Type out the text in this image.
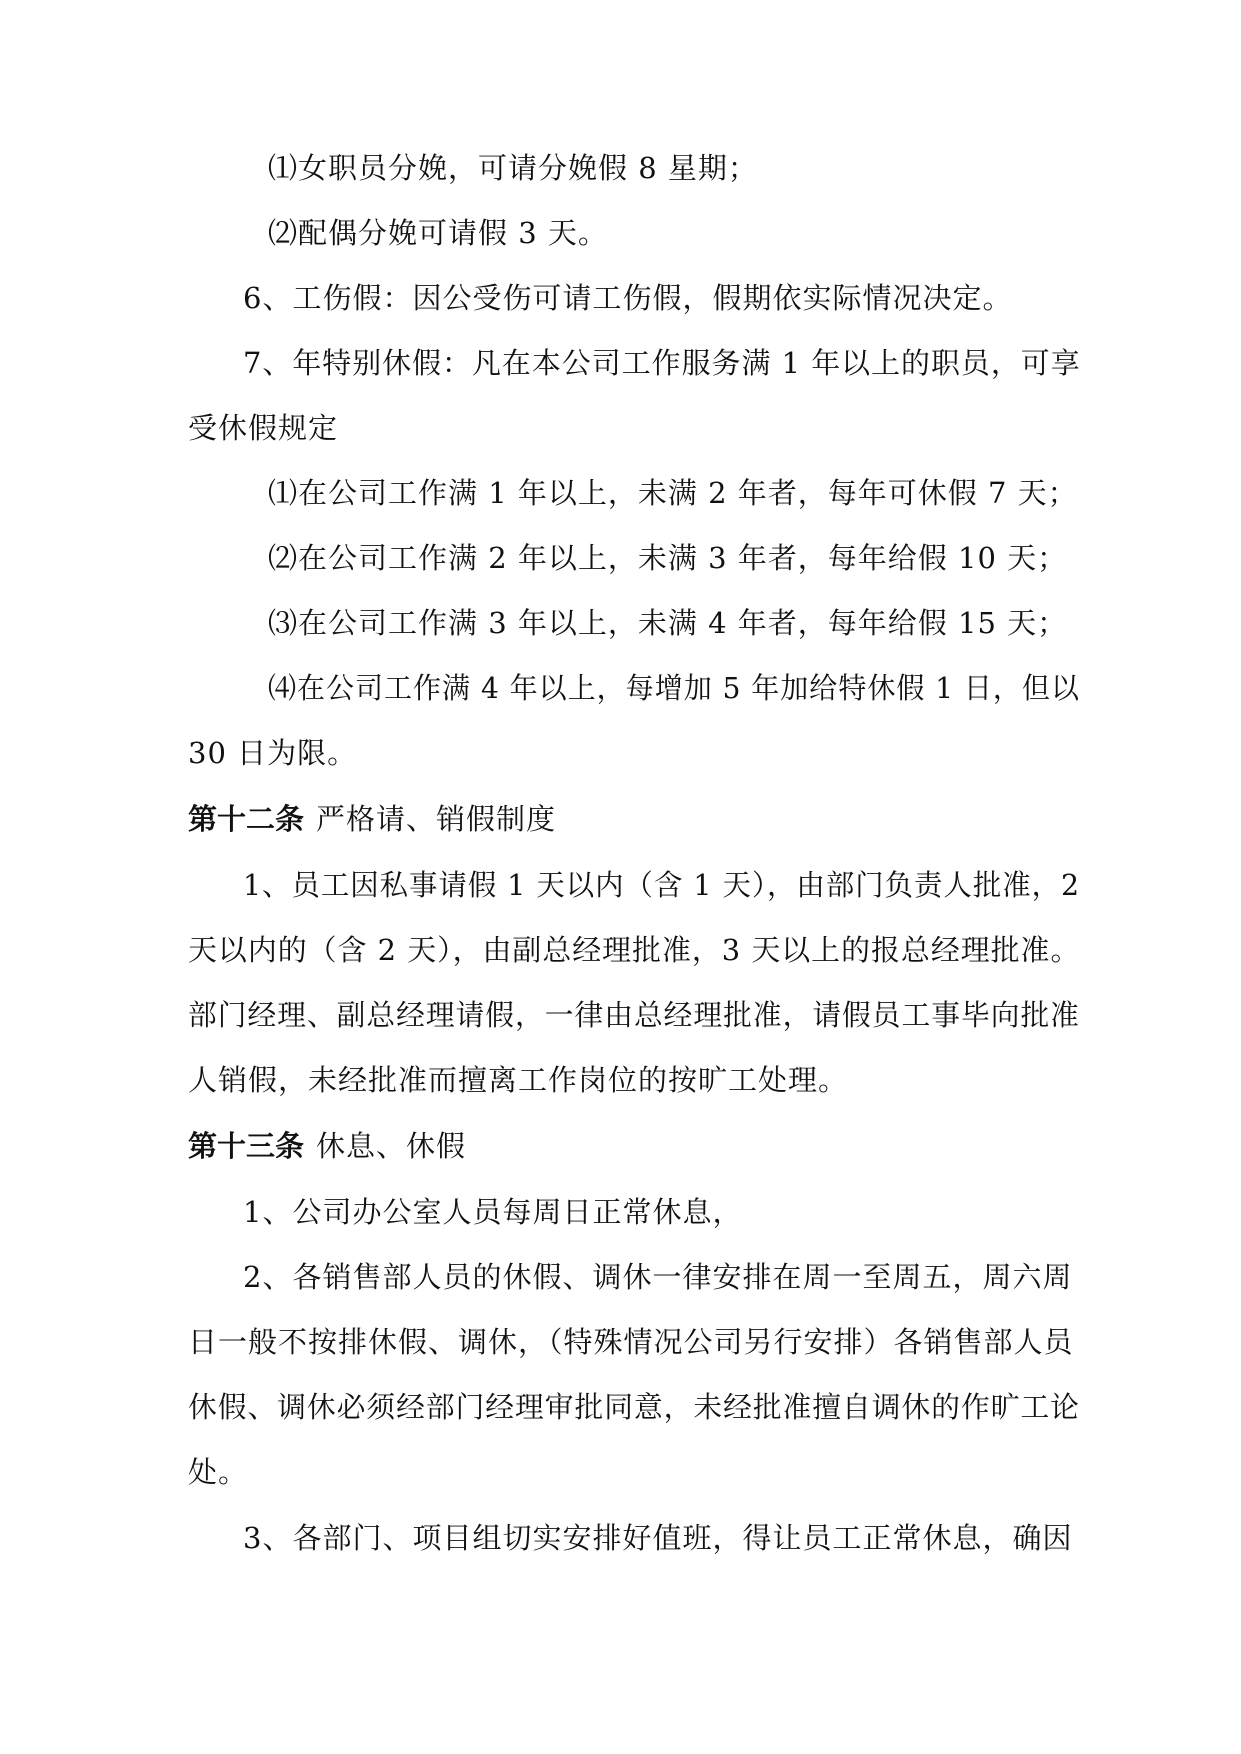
⑴女职员分娩，可请分娩假 8 星期；
⑵配偶分娩可请假 3 天。
6、工伤假：因公受伤可请工伤假，假期依实际情况决定。
7、年特别休假：凡在本公司工作服务满 1 年以上的职员，可享
受休假规定
⑴在公司工作满 1 年以上，未满 2 年者，每年可休假 7 天；
⑵在公司工作满 2 年以上，未满 3 年者，每年给假 10 天；
⑶在公司工作满 3 年以上，未满 4 年者，每年给假 15 天；
⑷在公司工作满 4 年以上，每增加 5 年加给特休假 1 日，但以
30 日为限。
第十二条 严格请、销假制度
1、员工因私事请假 1 天以内（含 1 天），由部门负责人批准，2
天以内的（含 2 天），由副总经理批准，3 天以上的报总经理批准。
部门经理、副总经理请假，一律由总经理批准，请假员工事毕向批准
人销假，未经批准而擅离工作岗位的按旷工处理。
第十三条 休息、休假
1、公司办公室人员每周日正常休息，
2、各销售部人员的休假、调休一律安排在周一至周五，周六周
日一般不按排休假、调休，（特殊情况公司另行安排）各销售部人员
休假、调休必须经部门经理审批同意，未经批准擅自调休的作旷工论
处。
3、各部门、项目组切实安排好值班，得让员工正常休息，确因
